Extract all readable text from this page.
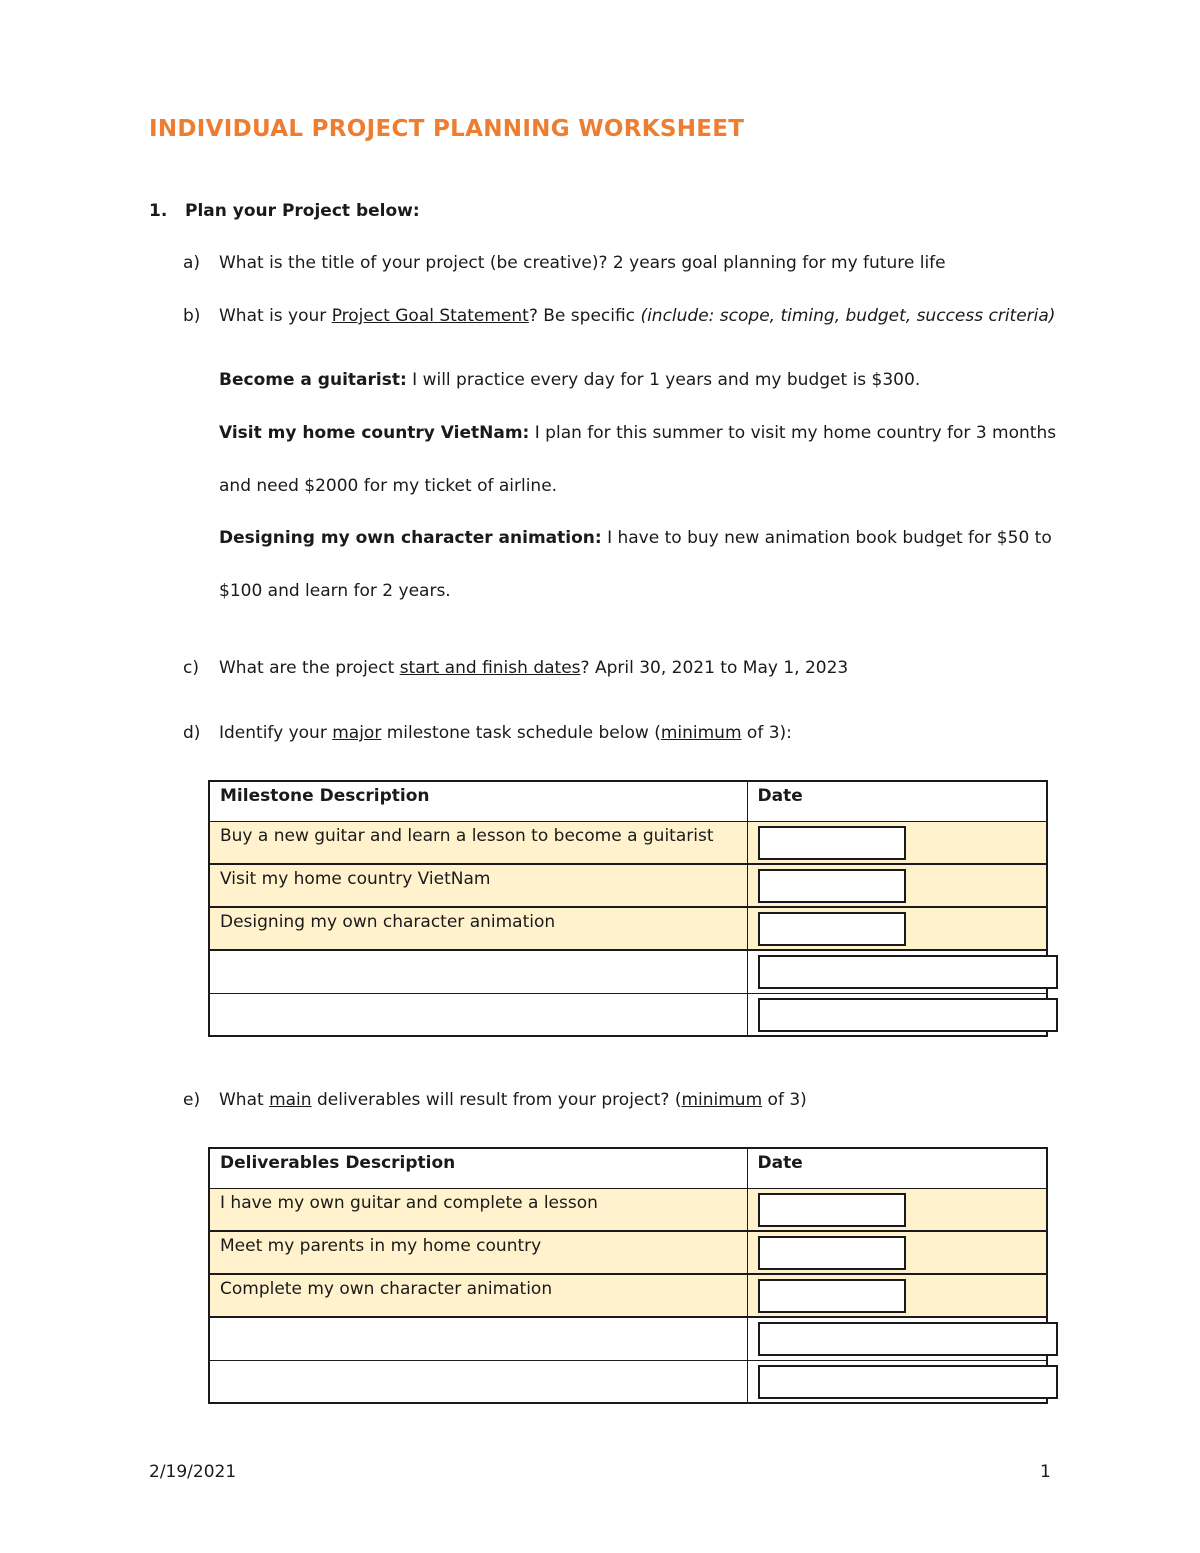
INDIVIDUAL PROJECT PLANNING WORKSHEET
1. Plan your Project below:
a) What is the title of your project (be creative)? 2 years goal planning for my future life
b) What is your Project Goal Statement? Be specific (include: scope, timing, budget, success criteria)
Become a guitarist: I will practice every day for 1 years and my budget is $300.
Visit my home country VietNam: I plan for this summer to visit my home country for 3 months
and need $2000 for my ticket of airline.
Designing my own character animation: I have to buy new animation book budget for $50 to
$100 and learn for 2 years.
c) What are the project start and finish dates? April 30, 2021 to May 1, 2023
d) Identify your major milestone task schedule below (minimum of 3):
Milestone Description	Date
Buy a new guitar and learn a lesson to become a guitarist	

Visit my home country VietNam	

Designing my own character animation	

e) What main deliverables will result from your project? (minimum of 3)
Deliverables Description	Date
I have my own guitar and complete a lesson	

Meet my parents in my home country	

Complete my own character animation	

2/19/2021	1
